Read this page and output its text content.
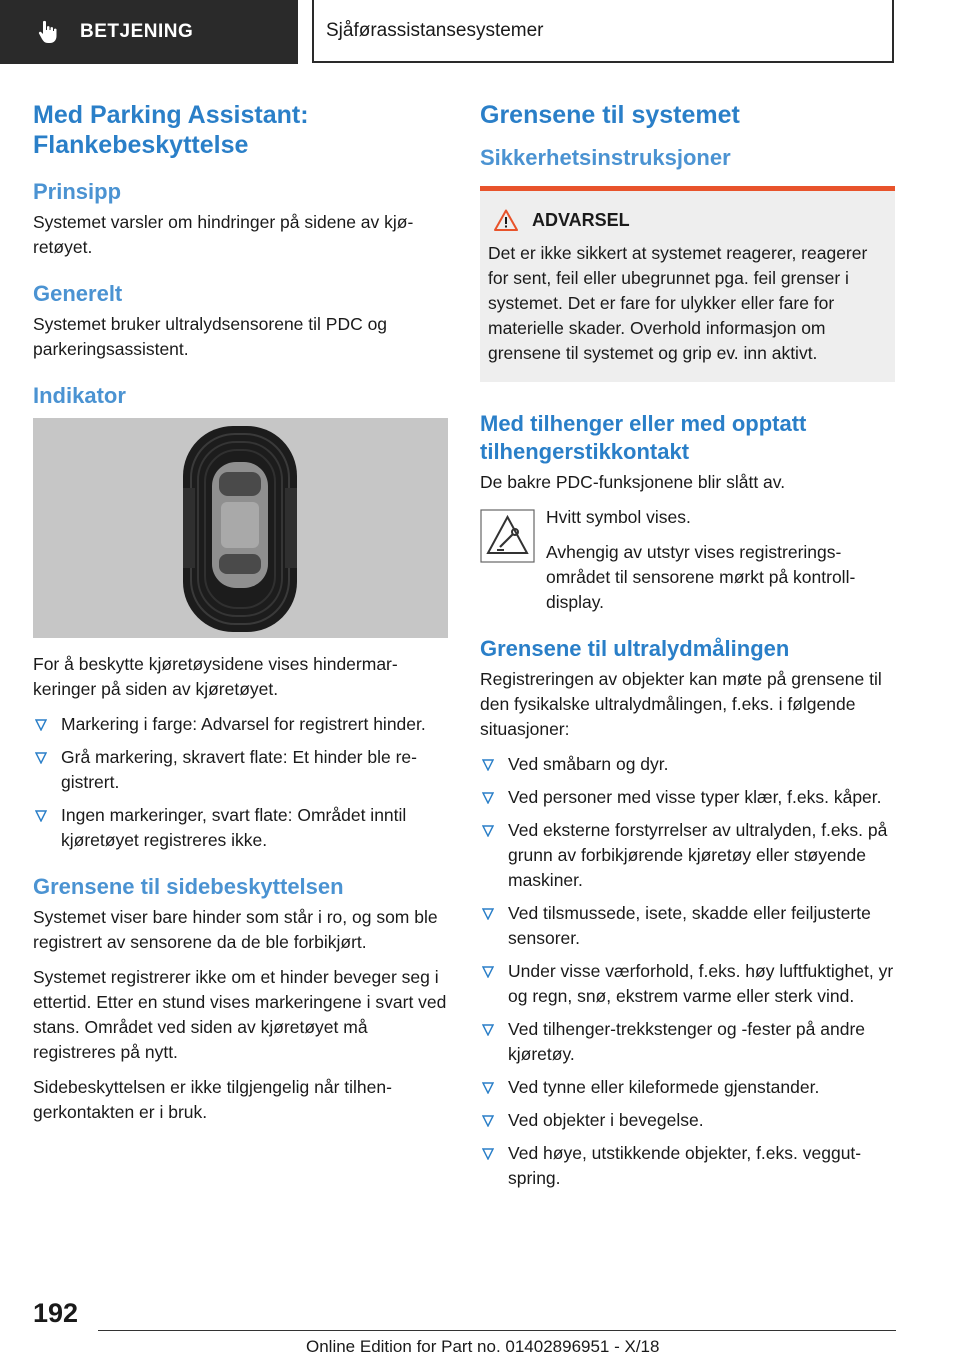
BETJENING	Sjåførassistansesystemer
Med Parking Assistant: Flankebeskyttelse
Prinsipp

Systemet varsler om hindringer på sidene av kjøretøyet.

Generelt

Systemet bruker ultralydsensorene til PDC og parkeringsassistent.

Indikator

For å beskytte kjøretøysidene vises hindermarkeringer på siden av kjøretøyet.

Markering i farge: Advarsel for registrert hinder.
Grå markering, skravert flate: Et hinder ble registrert.
Ingen markeringer, svart flate: Området inntil kjøretøyet registreres ikke.
Grensene til sidebeskyttelsen

Systemet viser bare hinder som står i ro, og som ble registrert av sensorene da de ble forbikjørt.

Systemet registrerer ikke om et hinder beveger seg i ettertid. Etter en stund vises markeringene i svart ved stans. Området ved siden av kjøretøyet må registreres på nytt.

Sidebeskyttelsen er ikke tilgjengelig når tilhengerkontakten er i bruk.

Grensene til systemet
Sikkerhetsinstruksjoner
ADVARSEL

Det er ikke sikkert at systemet reagerer, reagerer for sent, feil eller ubegrunnet pga. feil grenser i systemet. Det er fare for ulykker eller fare for materielle skader. Overhold informasjon om grensene til systemet og grip ev. inn aktivt.

Med tilhenger eller med opptatt tilhengerstikkontakt

De bakre PDC-funksjonene blir slått av.

Hvitt symbol vises.

Avhengig av utstyr vises registreringsområdet til sensorene mørkt på kontrolldisplay.

Grensene til ultralydmålingen

Registreringen av objekter kan møte på grensene til den fysikalske ultralydmålingen, f.eks. i følgende situasjoner:

Ved småbarn og dyr.
Ved personer med visse typer klær, f.eks. kåper.
Ved eksterne forstyrrelser av ultralyden, f.eks. på grunn av forbikjørende kjøretøy eller støyende maskiner.
Ved tilsmussede, isete, skadde eller feiljusterte sensorer.
Under visse værforhold, f.eks. høy luftfuktighet, yr og regn, snø, ekstrem varme eller sterk vind.
Ved tilhenger-trekkstenger og -fester på andre kjøretøy.
Ved tynne eller kileformede gjenstander.
Ved objekter i bevegelse.
Ved høye, utstikkende objekter, f.eks. veggutspring.
192
Online Edition for Part no. 01402896951 - X/18
